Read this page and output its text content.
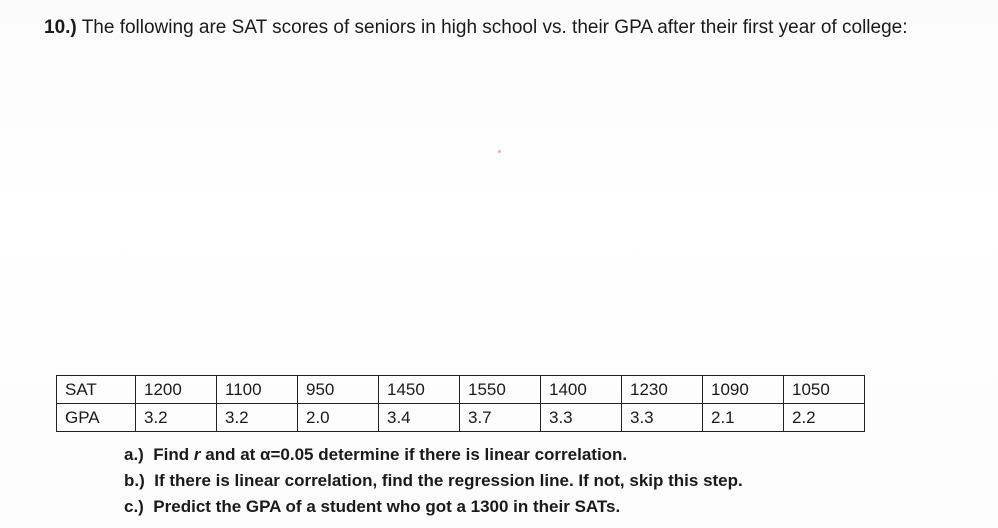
10.) The following are SAT scores of seniors in high school vs. their GPA after their first year of college:
SAT	1200	1100	950	1450	1550	1400	1230	1090	1050
GPA	3.2	3.2	2.0	3.4	3.7	3.3	3.3	2.1	2.2
a.) Find r and at α=0.05 determine if there is linear correlation.
b.) If there is linear correlation, find the regression line. If not, skip this step.
c.) Predict the GPA of a student who got a 1300 in their SATs.
